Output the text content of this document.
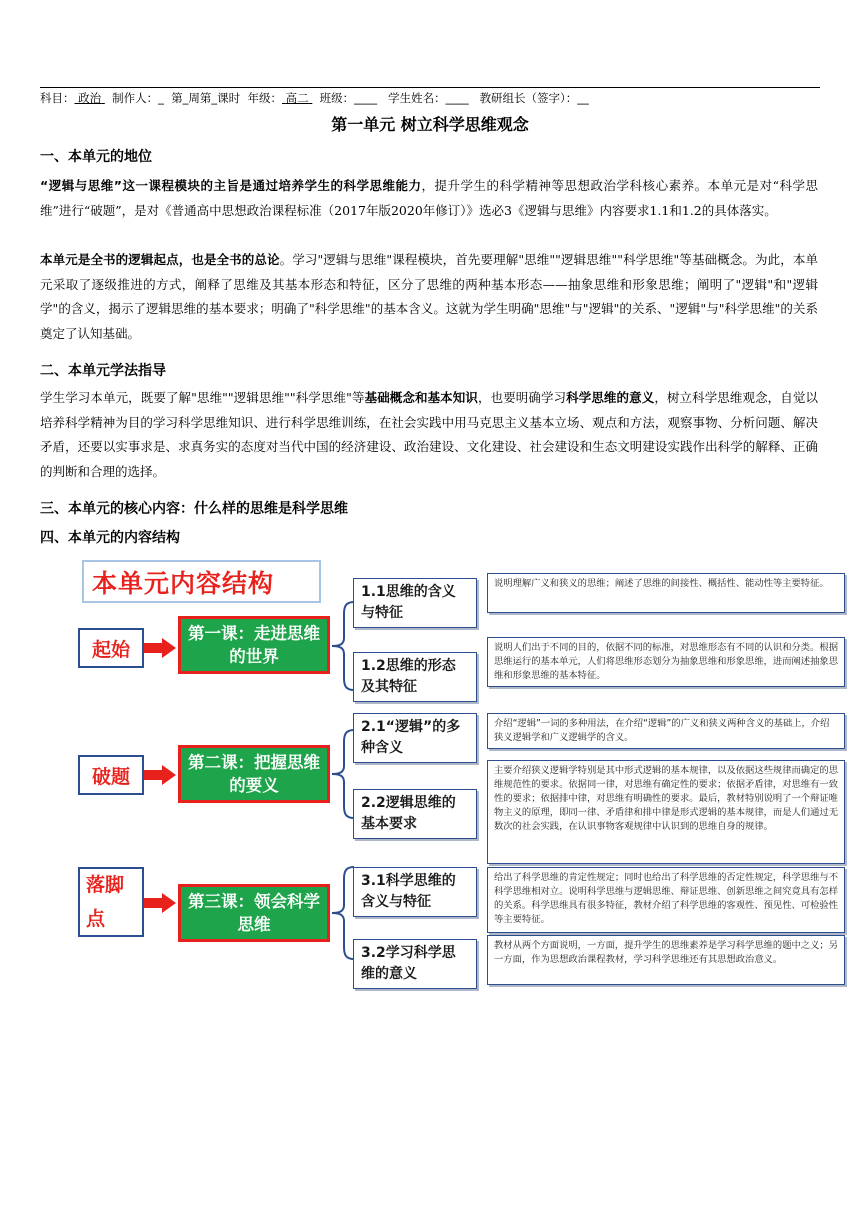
科目： 政治 制作人：_ 第_周第_课时 年级： 高二 班级：____ 学生姓名：____ 教研组长（签字）：__
第一单元 树立科学思维观念
一、本单元的地位
“逻辑与思维”这一课程模块的主旨是通过培养学生的科学思维能力，提升学生的科学精神等思想政治学科核心素养。本单元是对“科学思维”进行“破题”，是对《普通高中思想政治课程标准（2017年版2020年修订）》选必3《逻辑与思维》内容要求1.1和1.2的具体落实。
本单元是全书的逻辑起点，也是全书的总论。学习"逻辑与思维"课程模块，首先要理解"思维""逻辑思维""科学思维"等基础概念。为此，本单元采取了逐级推进的方式，阐释了思维及其基本形态和特征，区分了思维的两种基本形态——抽象思维和形象思维；阐明了"逻辑"和"逻辑学"的含义，揭示了逻辑思维的基本要求；明确了"科学思维"的基本含义。这就为学生明确"思维"与"逻辑"的关系、"逻辑"与"科学思维"的关系奠定了认知基础。
二、本单元学法指导
学生学习本单元，既要了解"思维""逻辑思维""科学思维"等基础概念和基本知识，也要明确学习科学思维的意义，树立科学思维观念，自觉以培养科学精神为目的学习科学思维知识、进行科学思维训练，在社会实践中用马克思主义基本立场、观点和方法，观察事物、分析问题、解决矛盾，还要以实事求是、求真务实的态度对当代中国的经济建设、政治建设、文化建设、社会建设和生态文明建设实践作出科学的解释、正确的判断和合理的选择。
三、本单元的核心内容：什么样的思维是科学思维
四、本单元的内容结构
本单元内容结构
起始
第一课：走进思维的世界
1.1思维的含义与特征
说明理解广义和狭义的思维；阐述了思维的间接性、概括性、能动性等主要特征。
1.2思维的形态及其特征
说明人们出于不同的目的，依据不同的标准，对思维形态有不同的认识和分类。根据思维运行的基本单元，人们将思维形态划分为抽象思维和形象思维，进而阐述抽象思维和形象思维的基本特征。
破题
第二课：把握思维的要义
2.1“逻辑”的多种含义
介绍“逻辑”一词的多种用法，在介绍“逻辑”的广义和狭义两种含义的基础上，介绍狭义逻辑学和广义逻辑学的含义。
2.2逻辑思维的基本要求
主要介绍狭义逻辑学特别是其中形式逻辑的基本规律，以及依据这些规律而确定的思维规范性的要求。依据同一律，对思维有确定性的要求；依据矛盾律，对思维有一致性的要求；依据排中律，对思维有明确性的要求。最后，教材特别说明了一个辩证唯物主义的原理，即同一律、矛盾律和排中律是形式逻辑的基本规律，而是人们通过无数次的社会实践，在认识事物客观规律中认识到的思维自身的规律。
落脚点
第三课：领会科学思维
3.1科学思维的含义与特征
给出了科学思维的肯定性规定；同时也给出了科学思维的否定性规定，科学思维与不科学思维相对立。说明科学思维与逻辑思维、辩证思维、创新思维之间究竟具有怎样的关系。科学思维具有很多特征，教材介绍了科学思维的客观性、预见性、可检验性等主要特征。
3.2学习科学思维的意义
教材从两个方面说明，一方面，提升学生的思维素养是学习科学思维的题中之义；另一方面，作为思想政治课程教材，学习科学思维还有其思想政治意义。
